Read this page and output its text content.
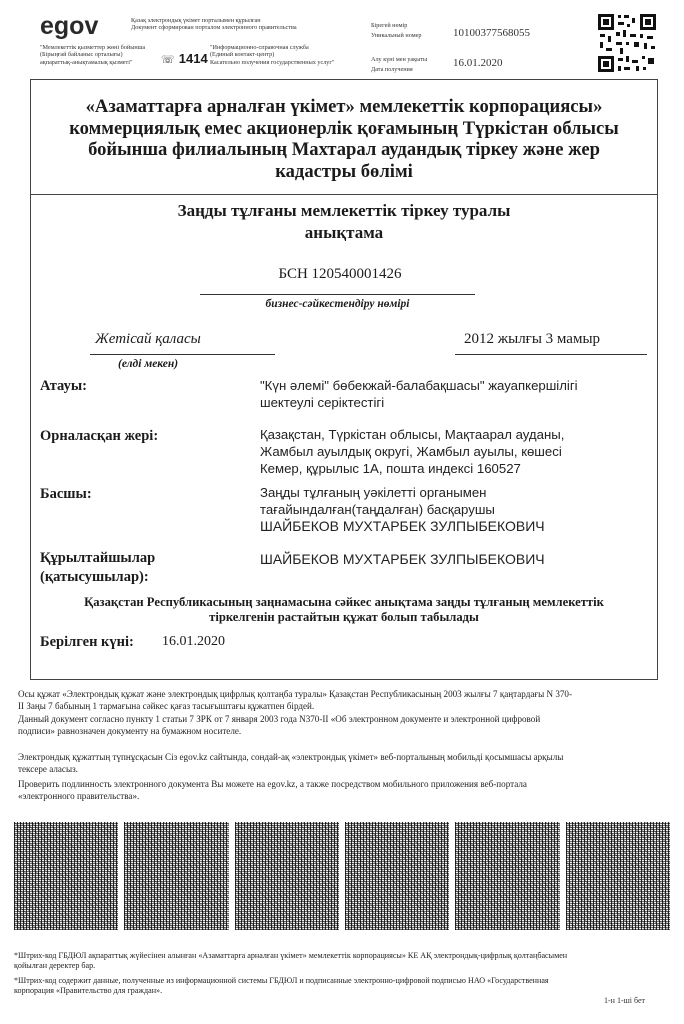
egov	Қазақ электрондық үкімет порталымен құрылған
Документ сформирован порталом электронного правительства
"Мемлекеттік қызметтер жөні бойынша
(Бірыңғай байланыс орталығы)
ақпараттық-анықтамалық қызметі"	☏ 1414
"Информационно-справочная служба
(Единый контакт-центр)
Касательно получения государственных услуг"
Бірегей нөмір
Уникальный номер
Алу күні мен уақыты
Дата получения
10100377568055
16.01.2020
«Азаматтарға арналған үкімет» мемлекеттік корпорациясы»
коммерциялық емес акционерлік қоғамының Түркістан облысы
бойынша филиалының Махтарал аудандық тіркеу және жер
кадастры бөлімі
Заңды тұлғаны мемлекеттік тіркеу туралы
анықтама
БСН 120540001426
бизнес-сәйкестендіру нөмірі
Жетісай қаласы
(елді мекен)
2012 жылғы 3 мамыр
Атауы:	"Күн әлемі" бөбекжай-балабақшасы" жауапкершілігі
шектеулі серіктестігі
Орналасқан жері:	Қазақстан, Түркістан облысы, Мақтаарал ауданы,
Жамбыл ауылдық округі, Жамбыл ауылы, көшесі
Кемер, құрылыс 1А, пошта индексі 160527
Басшы:	Заңды тұлғаның уәкілетті органымен
тағайындалған(таңдалған) басқарушы
ШАЙБЕКОВ МУХТАРБЕК ЗУЛПЫБЕКОВИЧ
Құрылтайшылар
(қатысушылар):
ШАЙБЕКОВ МУХТАРБЕК ЗУЛПЫБЕКОВИЧ
Қазақстан Республикасының заңнамасына сәйкес анықтама заңды тұлғаның мемлекеттік
тіркелгенін растайтын құжат болып табылады
Берілген күні: 16.01.2020
Осы құжат «Электрондық құжат және электрондық цифрлық қолтаңба туралы» Қазақстан Республикасының 2003 жылғы 7 қаңтардағы N 370-
II Заңы 7 бабының 1 тармағына сәйкес қағаз тасығыштағы құжатпен бірдей.
Данный документ согласно пункту 1 статьи 7 ЗРК от 7 января 2003 года N370-II «Об электронном документе и электронной цифровой
подписи» равнозначен документу на бумажном носителе.
Электрондық құжаттың түпнұсқасын Сіз egov.kz сайтында, сондай-ақ «электрондық үкімет» веб-порталының мобильді қосымшасы арқылы
тексере аласыз.
Проверить подлинность электронного документа Вы можете на egov.kz, а также посредством мобильного приложения веб-портала
«электронного правительства».
*Штрих-код ГБДЮЛ ақпараттық жүйесінен алынған «Азаматтарға арналған үкімет» мемлекеттік корпорациясы» КЕ АҚ электрондық-цифрлық қолтаңбасымен
қойылған деректер бар.
*Штрих-код содержит данные, полученные из информационной системы ГБДЮЛ и подписанные электронно-цифровой подписью НАО «Государственная
корпорация «Правительство для граждан».
1-н 1-ші бет
